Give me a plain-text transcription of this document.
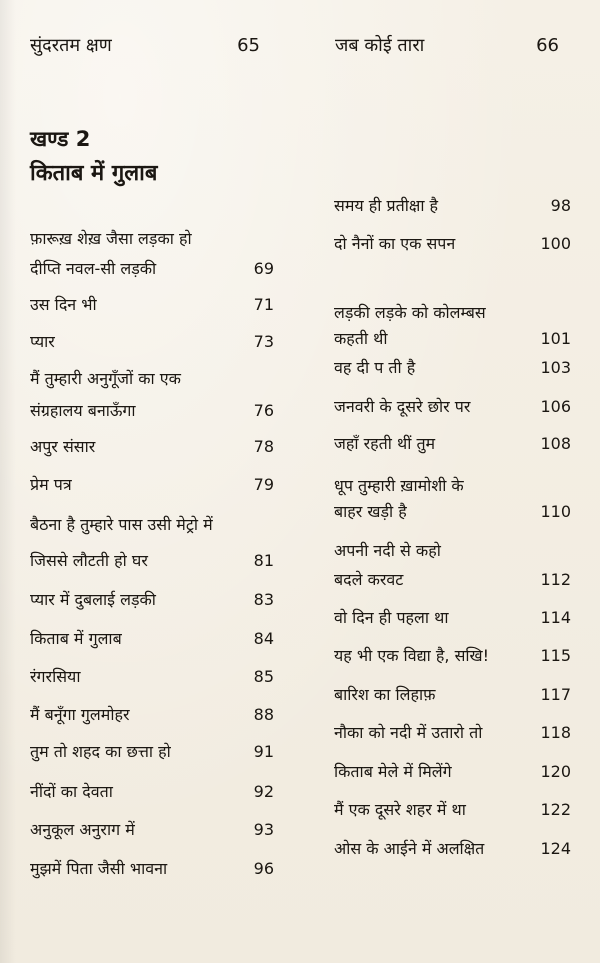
सुंदरतम क्षण	65	जब कोई तारा	66
खण्ड 2
किताब में गुलाब
फ़ारूख़ शेख़ जैसा लड़का हो
दीप्ति नवल-सी लड़की	69
उस दिन भी	71
प्यार	73
मैं तुम्हारी अनुगूँजों का एक
संग्रहालय बनाऊँगा	76
अपुर संसार	78
प्रेम पत्र	79
बैठना है तुम्हारे पास उसी मेट्रो में
जिससे लौटती हो घर	81
प्यार में दुबलाई लड़की	83
किताब में गुलाब	84
रंगरसिया	85
मैं बनूँगा गुलमोहर	88
तुम तो शहद का छत्ता हो	91
नींदों का देवता	92
अनुकूल अनुराग में	93
मुझमें पिता जैसी भावना	96
समय ही प्रतीक्षा है	98
दो नैनों का एक सपन	100
लड़की लड़के को कोलम्बस
कहती थी	101
वह दी प ती है	103
जनवरी के दूसरे छोर पर	106
जहाँ रहती थीं तुम	108
धूप तुम्हारी ख़ामोशी के
बाहर खड़ी है	110
अपनी नदी से कहो
बदले करवट	112
वो दिन ही पहला था	114
यह भी एक विद्या है, सखि!	115
बारिश का लिहाफ़	117
नौका को नदी में उतारो तो	118
किताब मेले में मिलेंगे	120
मैं एक दूसरे शहर में था	122
ओस के आईने में अलक्षित	124
